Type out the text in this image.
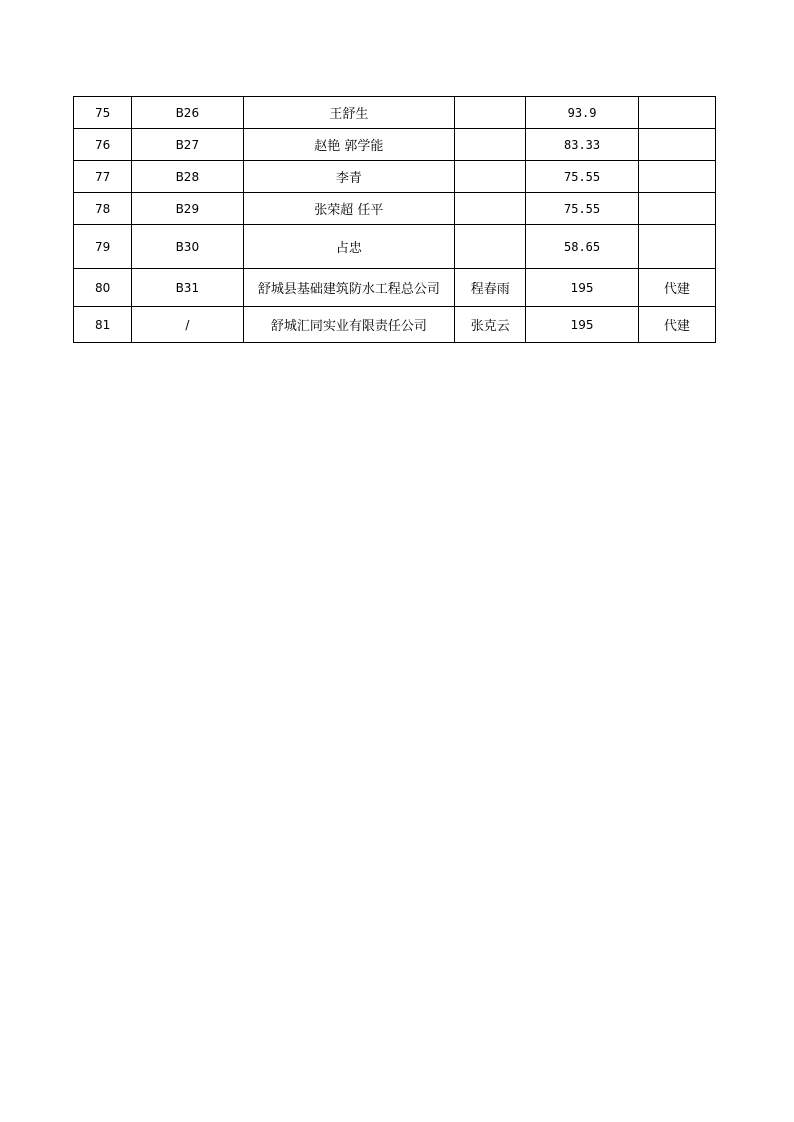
75	B26	王舒生		93.9	
76	B27	赵艳 郭学能		83.33	
77	B28	李青		75.55	
78	B29	张荣超 任平		75.55	
79	B30	占忠		58.65	
80	B31	舒城县基础建筑防水工程总公司	程春雨	195	代建
81	/	舒城汇同实业有限责任公司	张克云	195	代建
